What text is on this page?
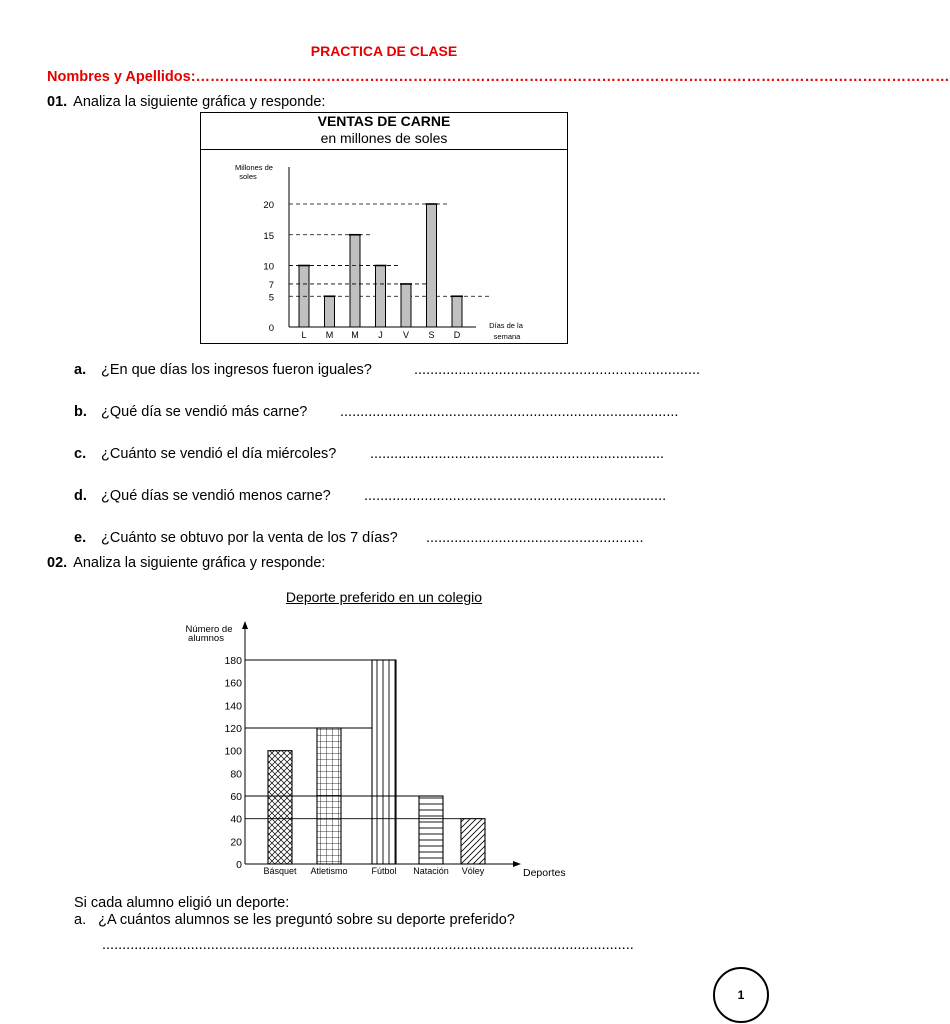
PRACTICA DE CLASE
Nombres y Apellidos:…………………………………………………………………………………………………………………………………………
01. Analiza la siguiente gráfica y responde:
VENTAS DE CARNE
en millones de soles
Millones de soles
Días de la semana
0
5
7
10
15
20
L M M J V S D
a. ¿En que días los ingresos fueron iguales?	.......................................................................
b. ¿Qué día se vendió más carne? ....................................................................................
c. ¿Cuánto se vendió el día miércoles? .........................................................................
d. ¿Qué días se vendió menos carne? ...........................................................................
e. ¿Cuánto se obtuvo por la venta de los 7 días? ......................................................
02. Analiza la siguiente gráfica y responde:
Deporte preferido en un colegio
Número de alumnos
Deportes
0
20
40
60
80
100
120
140
160
180
Básquet Atletismo	Fútbol Natación Vóley
Si cada alumno eligió un deporte:
a. ¿A cuántos alumnos se les preguntó sobre su deporte preferido?
....................................................................................................................................
1
